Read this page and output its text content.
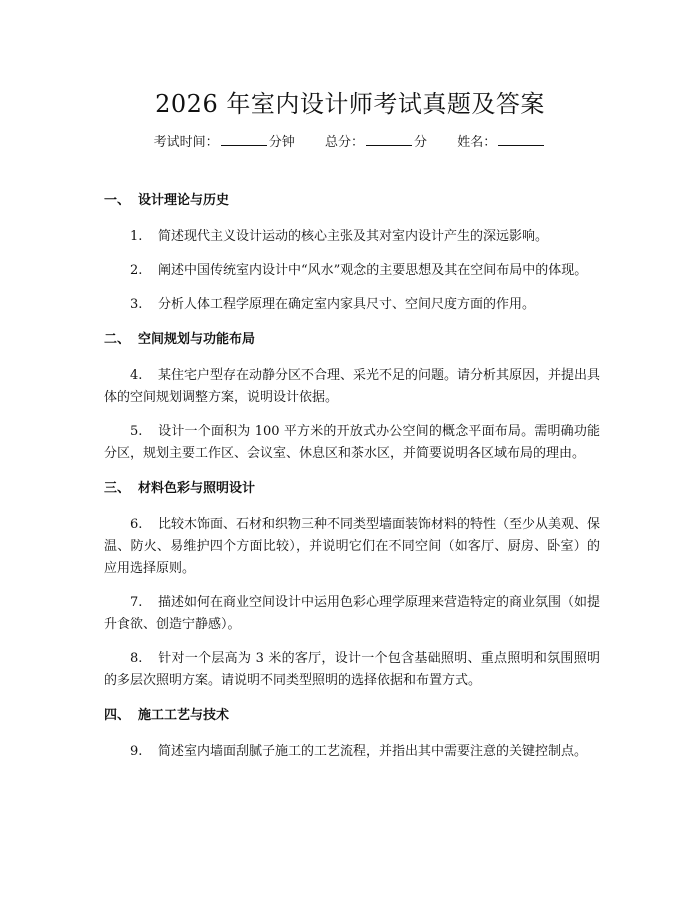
2026 年室内设计师考试真题及答案
考试时间：	分钟 总分：	分 姓名：
一、 设计理论与历史

1. 简述现代主义设计运动的核心主张及其对室内设计产生的深远影响。

2. 阐述中国传统室内设计中“风水”观念的主要思想及其在空间布局中的体现。

3. 分析人体工程学原理在确定室内家具尺寸、空间尺度方面的作用。

二、 空间规划与功能布局

4. 某住宅户型存在动静分区不合理、采光不足的问题。请分析其原因，并提出具体的空间规划调整方案，说明设计依据。

5. 设计一个面积为 100 平方米的开放式办公空间的概念平面布局。需明确功能分区，规划主要工作区、会议室、休息区和茶水区，并简要说明各区域布局的理由。

三、 材料色彩与照明设计

6. 比较木饰面、石材和织物三种不同类型墙面装饰材料的特性（至少从美观、保温、防火、易维护四个方面比较），并说明它们在不同空间（如客厅、厨房、卧室）的应用选择原则。

7. 描述如何在商业空间设计中运用色彩心理学原理来营造特定的商业氛围（如提升食欲、创造宁静感）。

8. 针对一个层高为 3 米的客厅，设计一个包含基础照明、重点照明和氛围照明的多层次照明方案。请说明不同类型照明的选择依据和布置方式。

四、 施工工艺与技术

9. 简述室内墙面刮腻子施工的工艺流程，并指出其中需要注意的关键控制点。
